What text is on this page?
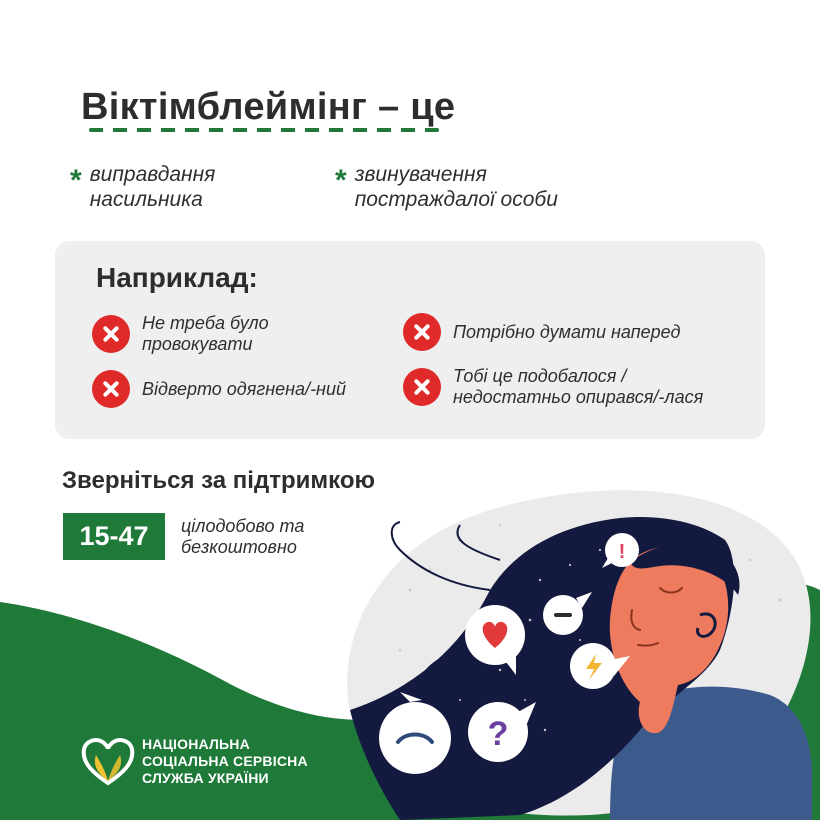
Віктімблеймінг – це
* виправдання
насильника
* звинувачення
постраждалої особи
Наприклад:
Не треба було
провокувати
Потрібно думати наперед
Відверто одягнена/-ний
Тобі це подобалося /
недостатньо опирався/-лася
Зверніться за підтримкою
15-47	цілодобово та
безкоштовно	!
?
НАЦІОНАЛЬНА
СОЦІАЛЬНА СЕРВІСНА
СЛУЖБА УКРАЇНИ
